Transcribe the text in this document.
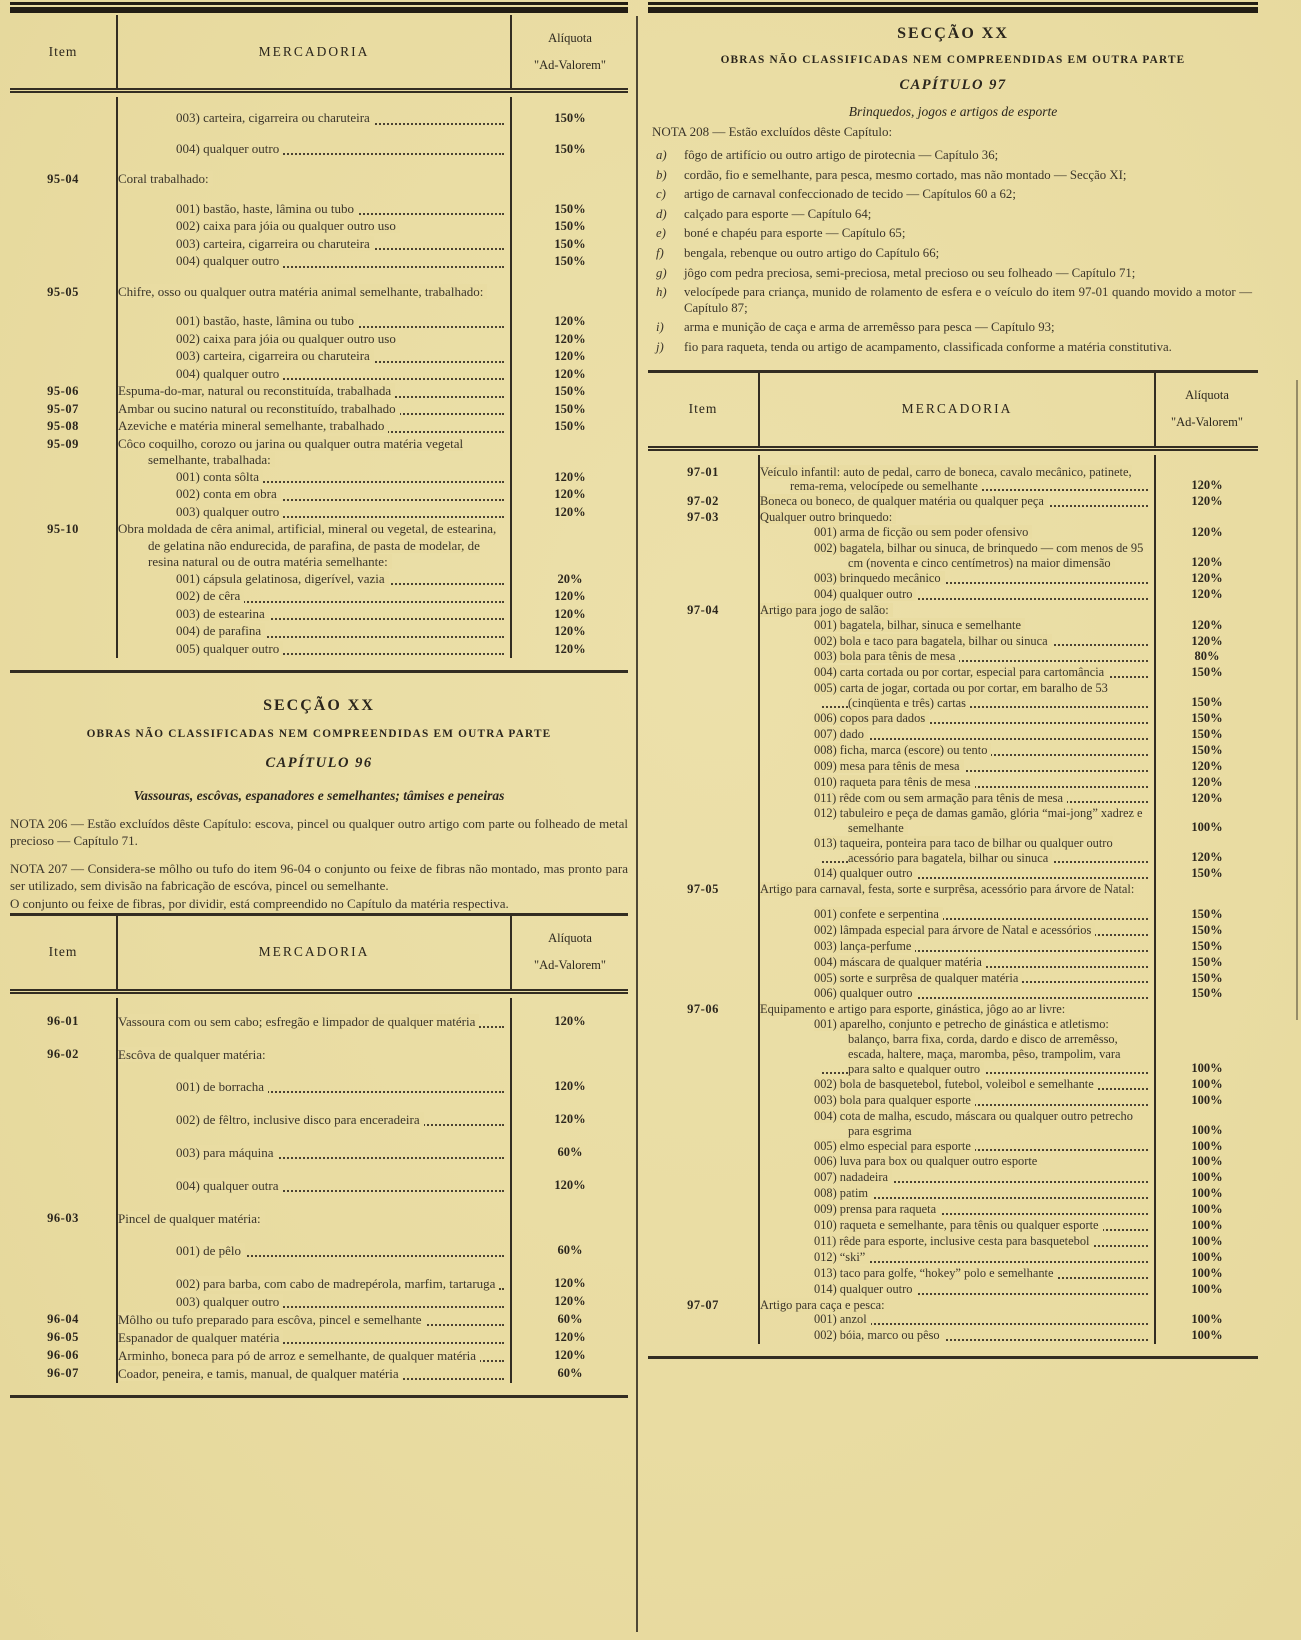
Item	MERCADORIA
Alíquota
"Ad-Valorem"
003) carteira, cigarreira ou charuteira	150%
004) qualquer outro	150%
95-04	Coral trabalhado:
001) bastão, haste, lâmina ou tubo	150%
002) caixa para jóia ou qualquer outro uso	150%
003) carteira, cigarreira ou charuteira	150%
004) qualquer outro	150%
95-05	Chifre, osso ou qualquer outra matéria animal semelhante, trabalhado:
001) bastão, haste, lâmina ou tubo	120%
002) caixa para jóia ou qualquer outro uso	120%
003) carteira, cigarreira ou charuteira	120%
004) qualquer outro	120%
95-06	Espuma-do-mar, natural ou reconstituída, trabalhada	150%
95-07	Ambar ou sucino natural ou reconstituído, trabalhado	150%
95-08	Azeviche e matéria mineral semelhante, trabalhado	150%
95-09	Côco coquilho, corozo ou jarina ou qualquer outra matéria vegetal semelhante, trabalhada:
001) conta sôlta	120%
002) conta em obra	120%
003) qualquer outro	120%
95-10	Obra moldada de cêra animal, artificial, mineral ou vegetal, de estearina, de gelatina não endurecida, de parafina, de pasta de modelar, de resina natural ou de outra matéria semelhante:
001) cápsula gelatinosa, digerível, vazia	20%
002) de cêra	120%
003) de estearina	120%
004) de parafina	120%
005) qualquer outro	120%
SECÇÃO XX
OBRAS NÃO CLASSIFICADAS NEM COMPREENDIDAS EM OUTRA PARTE
CAPÍTULO 96
Vassouras, escôvas, espanadores e semelhantes; tâmises e peneiras

NOTA 206 — Estão excluídos dêste Capítulo: escova, pincel ou qualquer outro artigo com parte ou folheado de metal precioso — Capítulo 71.

NOTA 207 — Considera-se môlho ou tufo do item 96-04 o conjunto ou feixe de fibras não montado, mas pronto para ser utilizado, sem divisão na fabricação de escóva, pincel ou semelhante.

O conjunto ou feixe de fibras, por dividir, está compreendido no Capítulo da matéria respectiva.

Item	MERCADORIA
Alíquota
"Ad-Valorem"
96-01	Vassoura com ou sem cabo; esfregão e limpador de qualquer matéria	120%
96-02	Escôva de qualquer matéria:
001) de borracha	120%
002) de fêltro, inclusive disco para enceradeira	120%
003) para máquina	60%
004) qualquer outra	120%
96-03	Pincel de qualquer matéria:
001) de pêlo	60%
002) para barba, com cabo de madrepérola, marfim, tartaruga	120%
003) qualquer outro	120%
96-04	Môlho ou tufo preparado para escôva, pincel e semelhante	60%
96-05	Espanador de qualquer matéria	120%
96-06	Arminho, boneca para pó de arroz e semelhante, de qualquer matéria	120%
96-07	Coador, peneira, e tamis, manual, de qualquer matéria	60%
SECÇÃO XX
OBRAS NÃO CLASSIFICADAS NEM COMPREENDIDAS EM OUTRA PARTE
CAPÍTULO 97
Brinquedos, jogos e artigos de esporte

NOTA 208 — Estão excluídos dêste Capítulo:

a)	fôgo de artifício ou outro artigo de pirotecnia — Capítulo 36;
b)	cordão, fio e semelhante, para pesca, mesmo cortado, mas não montado — Secção XI;
c)	artigo de carnaval confeccionado de tecido — Capítulos 60 a 62;
d)	calçado para esporte — Capítulo 64;
e)	boné e chapéu para esporte — Capítulo 65;
f)	bengala, rebenque ou outro artigo do Capítulo 66;
g)	jôgo com pedra preciosa, semi-preciosa, metal precioso ou seu folheado — Capítulo 71;
h)	velocípede para criança, munido de rolamento de esfera e o veículo do item 97-01 quando movido a motor — Capítulo 87;
i)	arma e munição de caça e arma de arremêsso para pesca — Capítulo 93;
j)	fio para raqueta, tenda ou artigo de acampamento, classificada conforme a matéria constitutiva.
Item	MERCADORIA
Alíquota
"Ad-Valorem"
97-01	Veículo infantil: auto de pedal, carro de boneca, cavalo mecânico, patinete, rema-rema, velocípede ou semelhante	120%
97-02	Boneca ou boneco, de qualquer matéria ou qualquer peça	120%
97-03	Qualquer outro brinquedo:
001) arma de ficção ou sem poder ofensivo	120%
002) bagatela, bilhar ou sinuca, de brinquedo — com menos de 95 cm (noventa e cinco centímetros) na maior dimensão	120%
003) brinquedo mecânico	120%
004) qualquer outro	120%
97-04	Artigo para jogo de salão:
001) bagatela, bilhar, sinuca e semelhante	120%
002) bola e taco para bagatela, bilhar ou sinuca	120%
003) bola para tênis de mesa	80%
004) carta cortada ou por cortar, especial para cartomância	150%
005) carta de jogar, cortada ou por cortar, em baralho de 53 (cinqüenta e três) cartas	150%
006) copos para dados	150%
007) dado	150%
008) ficha, marca (escore) ou tento	150%
009) mesa para tênis de mesa	120%
010) raqueta para tênis de mesa	120%
011) rêde com ou sem armação para tênis de mesa	120%
012) tabuleiro e peça de damas gamão, glória “mai-jong” xadrez e semelhante	100%
013) taqueira, ponteira para taco de bilhar ou qualquer outro acessório para bagatela, bilhar ou sinuca	120%
014) qualquer outro	150%
97-05	Artigo para carnaval, festa, sorte e surprêsa, acessório para árvore de Natal:
001) confete e serpentina	150%
002) lâmpada especial para árvore de Natal e acessórios	150%
003) lança-perfume	150%
004) máscara de qualquer matéria	150%
005) sorte e surprêsa de qualquer matéria	150%
006) qualquer outro	150%
97-06	Equipamento e artigo para esporte, ginástica, jôgo ao ar livre:
001) aparelho, conjunto e petrecho de ginástica e atletismo: balanço, barra fixa, corda, dardo e disco de arremêsso, escada, haltere, maça, maromba, pêso, trampolim, vara para salto e qualquer outro	100%
002) bola de basquetebol, futebol, voleibol e semelhante	100%
003) bola para qualquer esporte	100%
004) cota de malha, escudo, máscara ou qualquer outro petrecho para esgrima	100%
005) elmo especial para esporte	100%
006) luva para box ou qualquer outro esporte	100%
007) nadadeira	100%
008) patim	100%
009) prensa para raqueta	100%
010) raqueta e semelhante, para tênis ou qualquer esporte	100%
011) rêde para esporte, inclusive cesta para basquetebol	100%
012) “ski”	100%
013) taco para golfe, “hokey” polo e semelhante	100%
014) qualquer outro	100%
97-07	Artigo para caça e pesca:
001) anzol	100%
002) bóia, marco ou pêso	100%
